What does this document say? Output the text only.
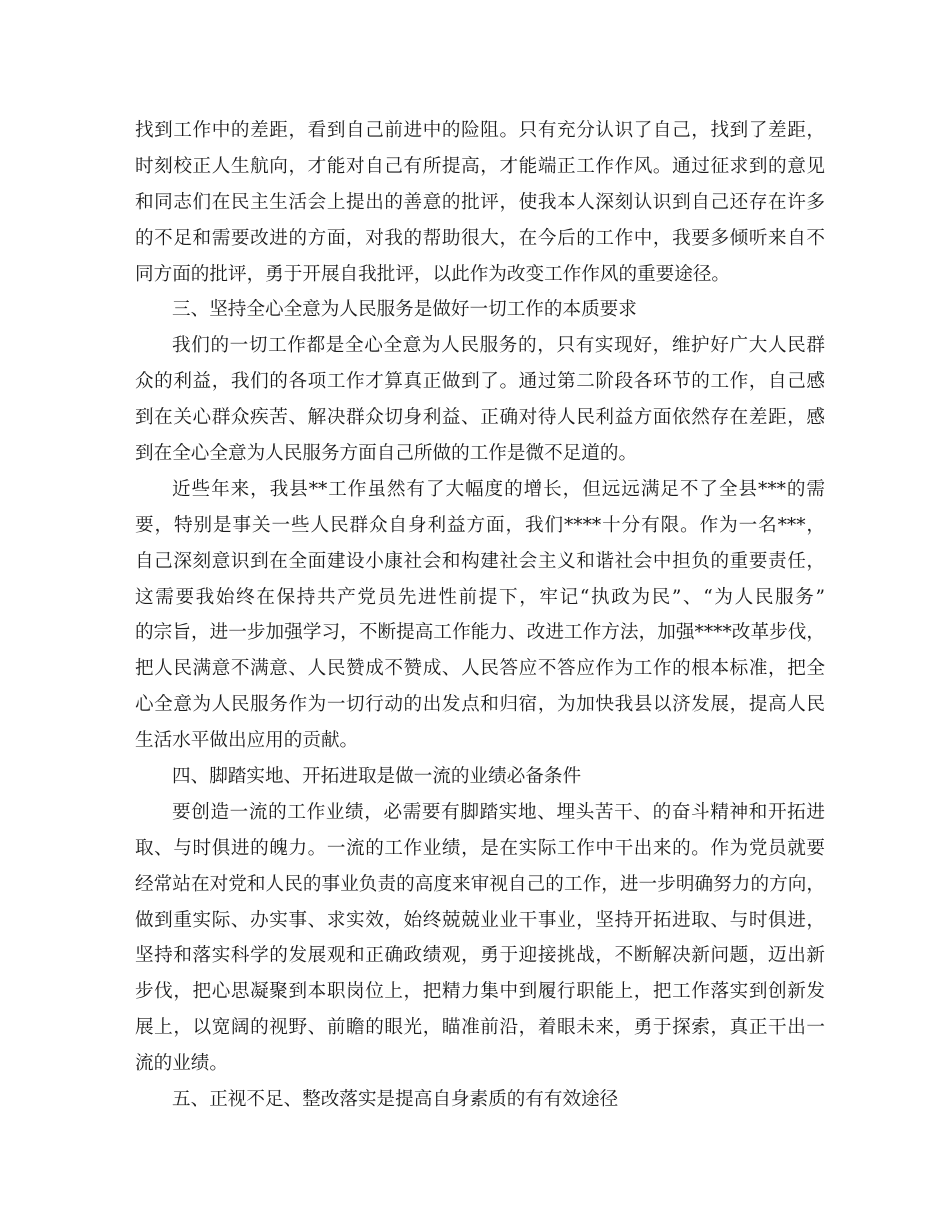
找到工作中的差距，看到自己前进中的险阻。只有充分认识了自己，找到了差距，
时刻校正人生航向，才能对自己有所提高，才能端正工作作风。通过征求到的意见
和同志们在民主生活会上提出的善意的批评，使我本人深刻认识到自己还存在许多
的不足和需要改进的方面，对我的帮助很大，在今后的工作中，我要多倾听来自不
同方面的批评，勇于开展自我批评，以此作为改变工作作风的重要途径。
三、坚持全心全意为人民服务是做好一切工作的本质要求
我们的一切工作都是全心全意为人民服务的，只有实现好，维护好广大人民群
众的利益，我们的各项工作才算真正做到了。通过第二阶段各环节的工作，自己感
到在关心群众疾苦、解决群众切身利益、正确对待人民利益方面依然存在差距，感
到在全心全意为人民服务方面自己所做的工作是微不足道的。
近些年来，我县**工作虽然有了大幅度的增长，但远远满足不了全县***的需
要，特别是事关一些人民群众自身利益方面，我们****十分有限。作为一名***，
自己深刻意识到在全面建设小康社会和构建社会主义和谐社会中担负的重要责任，
这需要我始终在保持共产党员先进性前提下，牢记“执政为民”、“为人民服务”
的宗旨，进一步加强学习，不断提高工作能力、改进工作方法，加强****改革步伐，
把人民满意不满意、人民赞成不赞成、人民答应不答应作为工作的根本标准，把全
心全意为人民服务作为一切行动的出发点和归宿，为加快我县以济发展，提高人民
生活水平做出应用的贡献。
四、脚踏实地、开拓进取是做一流的业绩必备条件
要创造一流的工作业绩，必需要有脚踏实地、埋头苦干、的奋斗精神和开拓进
取、与时俱进的魄力。一流的工作业绩，是在实际工作中干出来的。作为党员就要
经常站在对党和人民的事业负责的高度来审视自己的工作，进一步明确努力的方向，
做到重实际、办实事、求实效，始终兢兢业业干事业，坚持开拓进取、与时俱进，
坚持和落实科学的发展观和正确政绩观，勇于迎接挑战，不断解决新问题，迈出新
步伐，把心思凝聚到本职岗位上，把精力集中到履行职能上，把工作落实到创新发
展上，以宽阔的视野、前瞻的眼光，瞄准前沿，着眼未来，勇于探索，真正干出一
流的业绩。
五、正视不足、整改落实是提高自身素质的有有效途径
